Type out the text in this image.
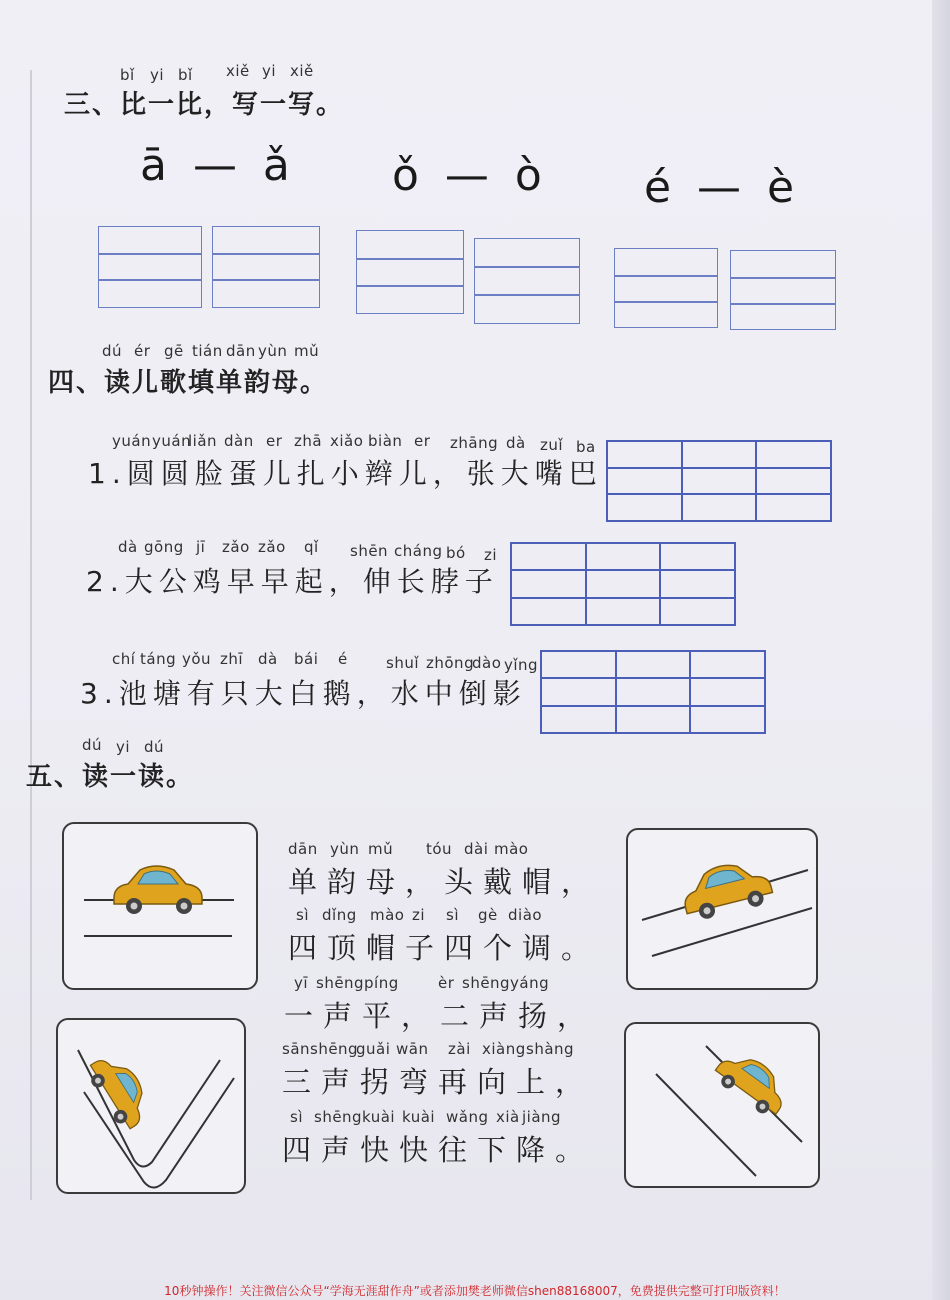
bǐ yi bǐ xiě yi xiě
三、比一比，写一写。
ā — ǎ ǒ — ò é — è
dú ér gē tián dān yùn mǔ
四、读儿歌填单韵母。
yuán yuán
liǎn dàn er zhā xiǎo biàn er zhāng dà zuǐ ba
1.圆圆脸蛋儿扎小辫儿，张大嘴巴

dà gōng jī zǎo zǎo qǐ shēn cháng bó zi
2.大公鸡早早起，伸长脖子

chí táng yǒu zhī dà bái é	shuǐ zhōng
dào yǐng
3.池塘有只大白鹅，水中倒影

dú yi dú
五、读一读。
dān yùn mǔ tóu dài mào
单韵母，头戴帽，
sì dǐng mào zi sì gè diào
四顶帽子四个调。
yī shēng píng	èr shēng yáng
一声平，二声扬，
sān shēng
guǎi wān zài xiàng shàng
三声拐弯再向上，
sì shēng kuài kuài wǎng xià jiàng
四声快快往下降。
10秒钟操作！关注微信公众号“学海无涯甜作舟”或者添加樊老师微信shen88168007，免费提供完整可打印版资料！
